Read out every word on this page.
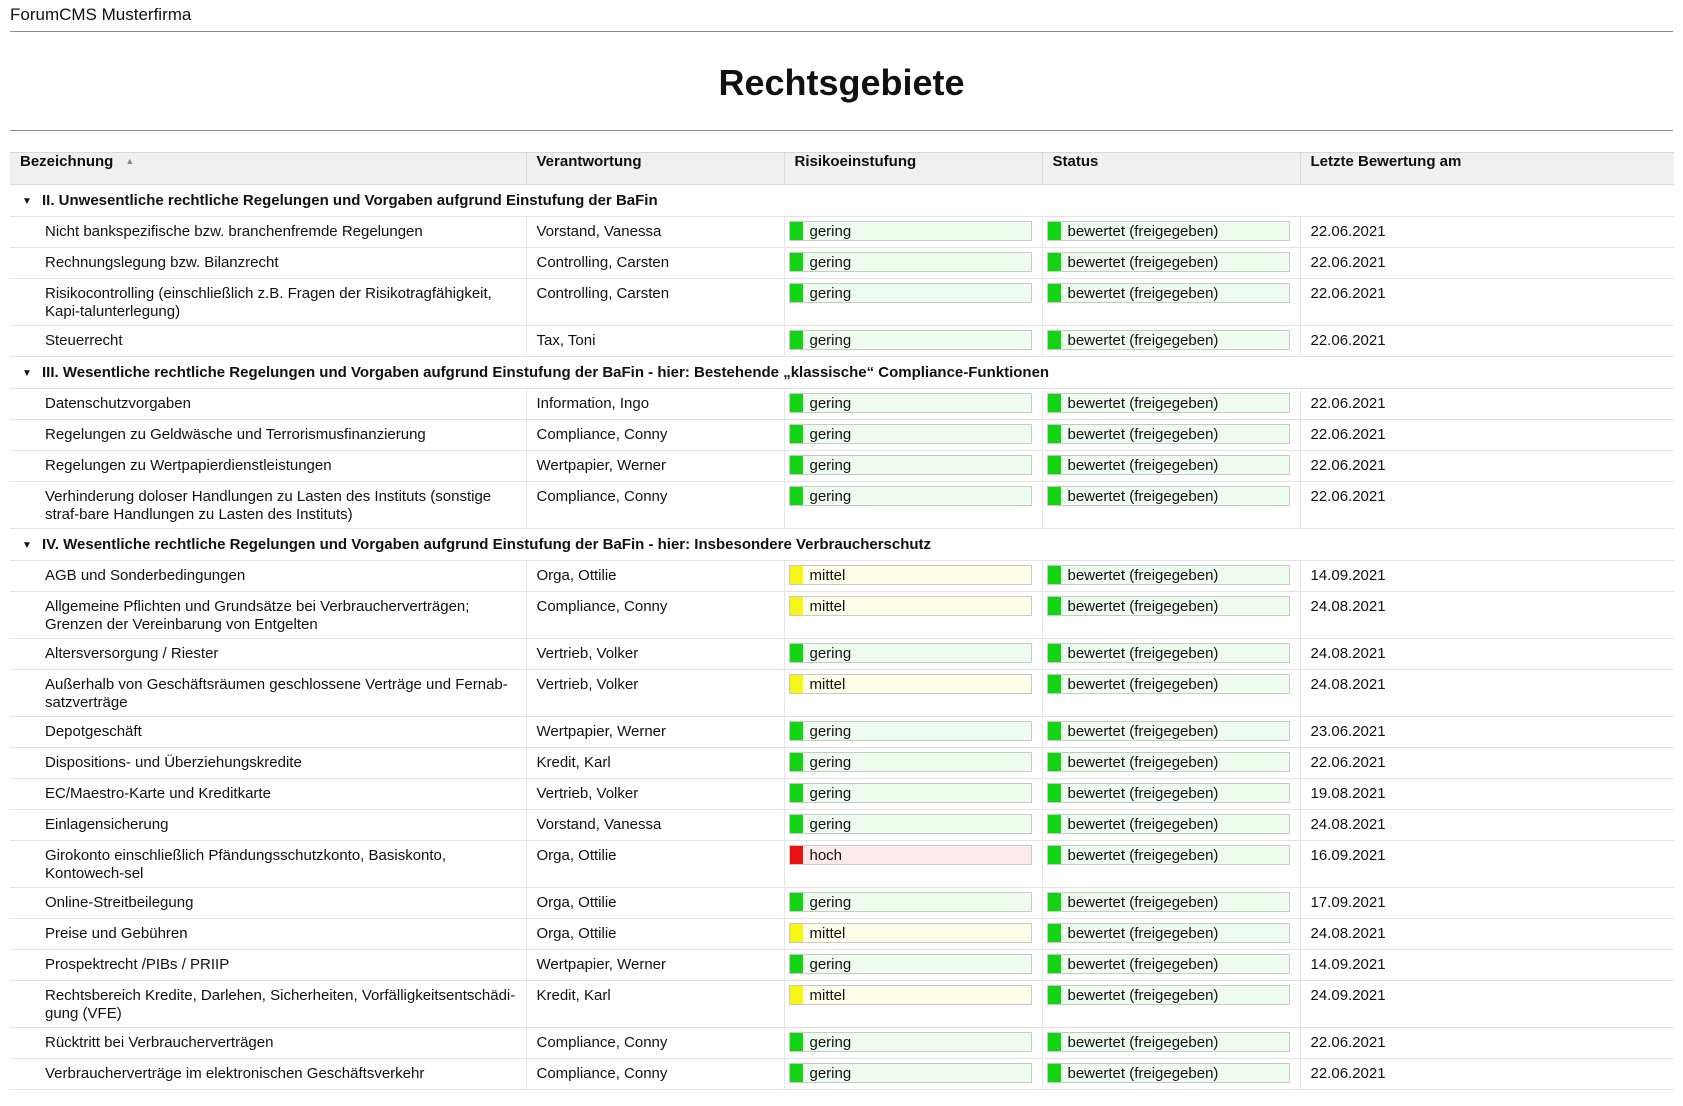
ForumCMS Musterfirma
Rechtsgebiete
Bezeichnung ▲	Verantwortung	Risikoeinstufung	Status	Letzte Bewertung am
▼ II. Unwesentliche rechtliche Regelungen und Vorgaben aufgrund Einstufung der BaFin				
Nicht bankspezifische bzw. branchenfremde Regelungen	Vorstand, Vanessa	gering	bewertet (freigegeben)	22.06.2021
Rechnungslegung bzw. Bilanzrecht	Controlling, Carsten	gering	bewertet (freigegeben)	22.06.2021
Risikocontrolling (einschließlich z.B. Fragen der Risikotragfähigkeit, Kapi-talunterlegung)	Controlling, Carsten	gering	bewertet (freigegeben)	22.06.2021
Steuerrecht	Tax, Toni	gering	bewertet (freigegeben)	22.06.2021
▼ III. Wesentliche rechtliche Regelungen und Vorgaben aufgrund Einstufung der BaFin - hier: Bestehende „klassische“ Compliance-Funktionen				
Datenschutzvorgaben	Information, Ingo	gering	bewertet (freigegeben)	22.06.2021
Regelungen zu Geldwäsche und Terrorismusfinanzierung	Compliance, Conny	gering	bewertet (freigegeben)	22.06.2021
Regelungen zu Wertpapierdienstleistungen	Wertpapier, Werner	gering	bewertet (freigegeben)	22.06.2021
Verhinderung doloser Handlungen zu Lasten des Instituts (sonstige straf-bare Handlungen zu Lasten des Instituts)	Compliance, Conny	gering	bewertet (freigegeben)	22.06.2021
▼ IV. Wesentliche rechtliche Regelungen und Vorgaben aufgrund Einstufung der BaFin - hier: Insbesondere Verbraucherschutz				
AGB und Sonderbedingungen	Orga, Ottilie	mittel	bewertet (freigegeben)	14.09.2021
Allgemeine Pflichten und Grundsätze bei Verbraucherverträgen; Grenzen der Vereinbarung von Entgelten	Compliance, Conny	mittel	bewertet (freigegeben)	24.08.2021
Altersversorgung / Riester	Vertrieb, Volker	gering	bewertet (freigegeben)	24.08.2021
Außerhalb von Geschäftsräumen geschlossene Verträge und Fernab-satzverträge	Vertrieb, Volker	mittel	bewertet (freigegeben)	24.08.2021
Depotgeschäft	Wertpapier, Werner	gering	bewertet (freigegeben)	23.06.2021
Dispositions- und Überziehungskredite	Kredit, Karl	gering	bewertet (freigegeben)	22.06.2021
EC/Maestro-Karte und Kreditkarte	Vertrieb, Volker	gering	bewertet (freigegeben)	19.08.2021
Einlagensicherung	Vorstand, Vanessa	gering	bewertet (freigegeben)	24.08.2021
Girokonto einschließlich Pfändungsschutzkonto, Basiskonto, Kontowech-sel	Orga, Ottilie	hoch	bewertet (freigegeben)	16.09.2021
Online-Streitbeilegung	Orga, Ottilie	gering	bewertet (freigegeben)	17.09.2021
Preise und Gebühren	Orga, Ottilie	mittel	bewertet (freigegeben)	24.08.2021
Prospektrecht /PIBs / PRIIP	Wertpapier, Werner	gering	bewertet (freigegeben)	14.09.2021
Rechtsbereich Kredite, Darlehen, Sicherheiten, Vorfälligkeitsentschädi-gung (VFE)	Kredit, Karl	mittel	bewertet (freigegeben)	24.09.2021
Rücktritt bei Verbraucherverträgen	Compliance, Conny	gering	bewertet (freigegeben)	22.06.2021
Verbraucherverträge im elektronischen Geschäftsverkehr	Compliance, Conny	gering	bewertet (freigegeben)	22.06.2021
